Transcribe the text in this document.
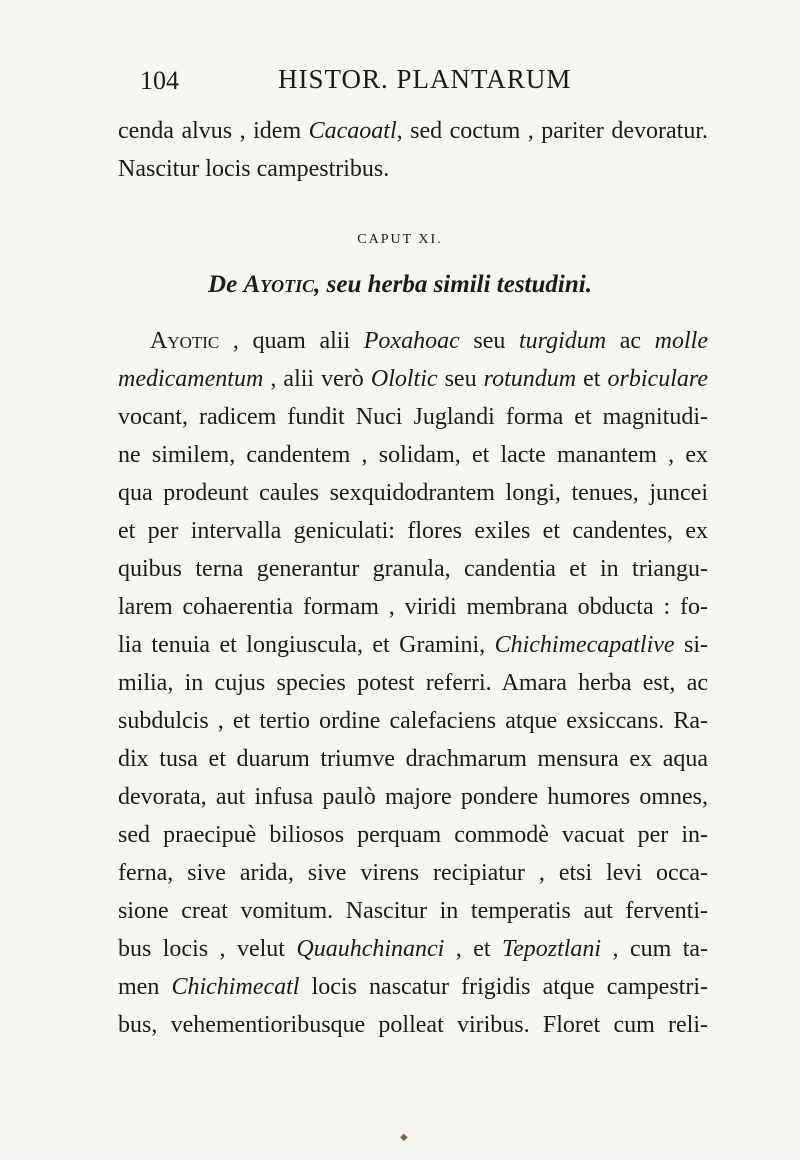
104	HISTOR. PLANTARUM
cenda alvus , idem Cacaoatl, sed coctum , pariter devoratur.
Nascitur locis campestribus.
CAPUT XI.
De Ayotic, seu herba simili testudini.
Ayotic , quam alii Poxahoac seu turgidum ac molle
medicamentum , alii verò Ololtic seu rotundum et orbiculare
vocant, radicem fundit Nuci Juglandi forma et magnitudi-
ne similem, candentem , solidam, et lacte manantem , ex
qua prodeunt caules sexquidodrantem longi, tenues, juncei
et per intervalla geniculati: flores exiles et candentes, ex
quibus terna generantur granula, candentia et in triangu-
larem cohaerentia formam , viridi membrana obducta : fo-
lia tenuia et longiuscula, et Gramini, Chichimecapatlive si-
milia, in cujus species potest referri. Amara herba est, ac
subdulcis , et tertio ordine calefaciens atque exsiccans. Ra-
dix tusa et duarum triumve drachmarum mensura ex aqua
devorata, aut infusa paulò majore pondere humores omnes,
sed praecipuè biliosos perquam commodè vacuat per in-
ferna, sive arida, sive virens recipiatur , etsi levi occa-
sione creat vomitum. Nascitur in temperatis aut ferventi-
bus locis , velut Quauhchinanci , et Tepoztlani , cum ta-
men Chichimecatl locis nascatur frigidis atque campestri-
bus, vehementioribusque polleat viribus. Floret cum reli-
◆
